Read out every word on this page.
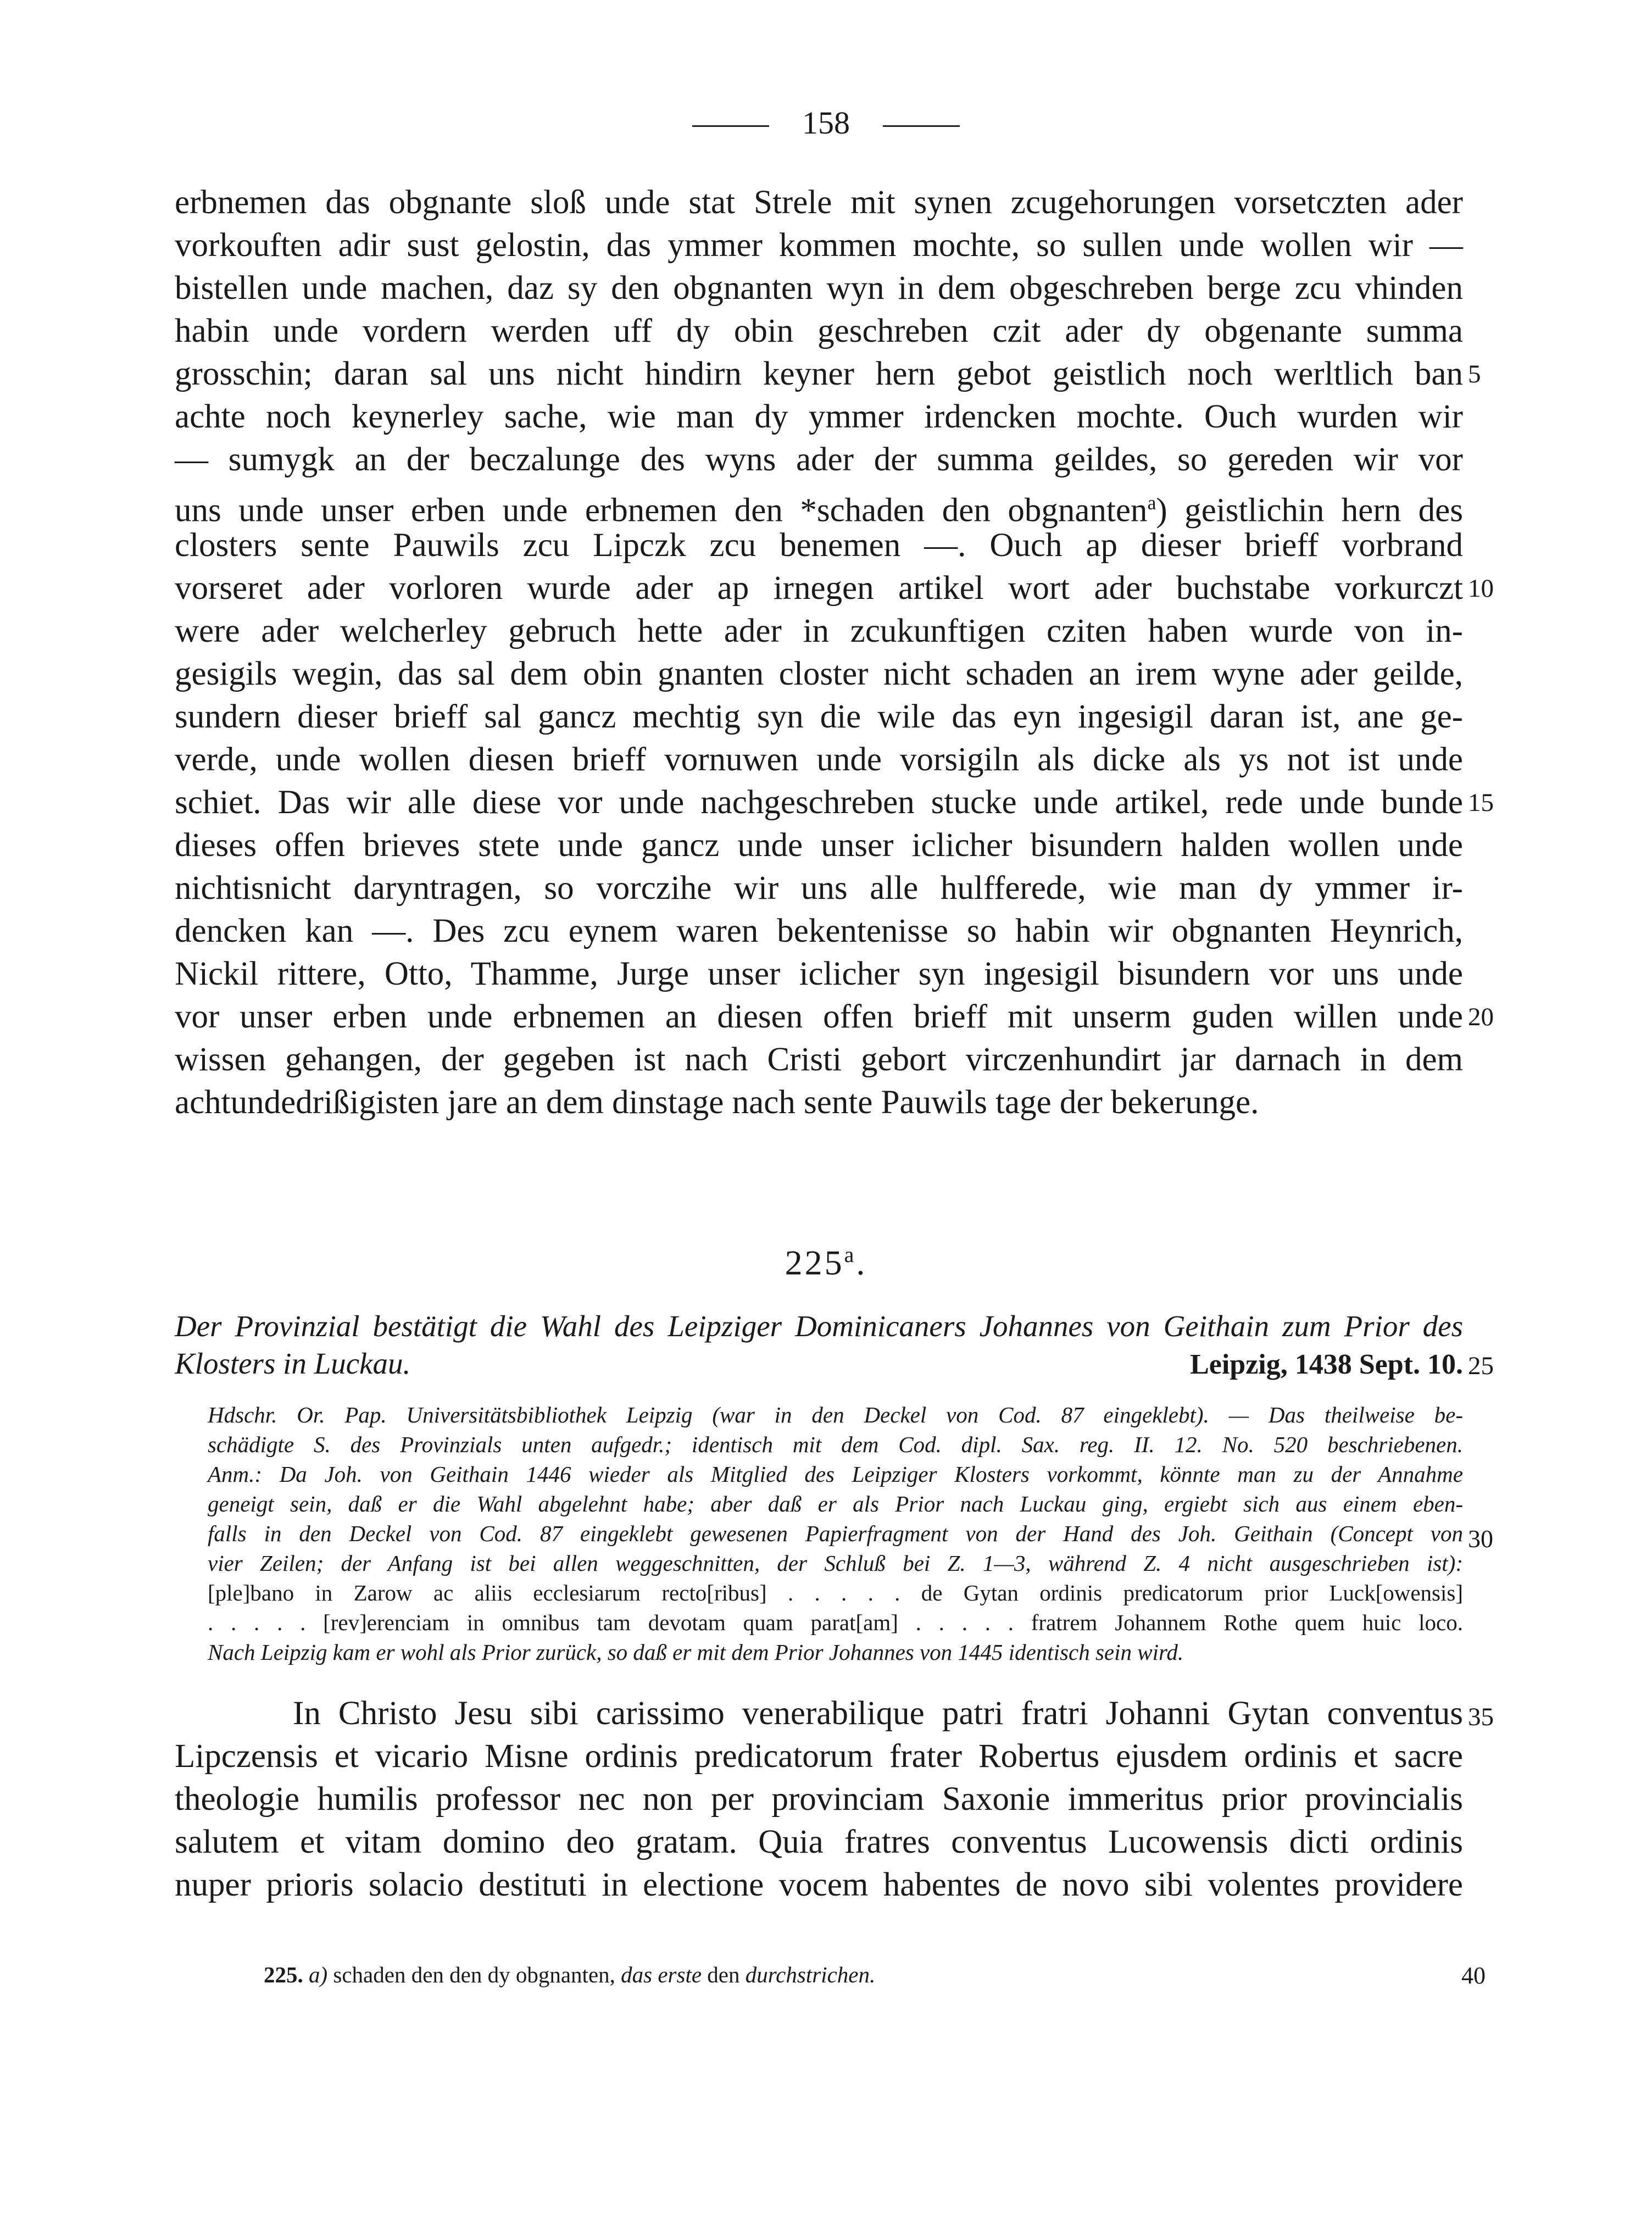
158
erbnemen das obgnante sloß unde stat Strele mit synen zcugehorungen vorsetczten ader
vorkouften adir sust gelostin, das ymmer kommen mochte, so sullen unde wollen wir —
bistellen unde machen, daz sy den obgnanten wyn in dem obgeschreben berge zcu vhinden
habin unde vordern werden uff dy obin geschreben czit ader dy obgenante summa
grosschin; daran sal uns nicht hindirn keyner hern gebot geistlich noch werltlich ban
achte noch keynerley sache, wie man dy ymmer irdencken mochte. Ouch wurden wir
— sumygk an der beczalunge des wyns ader der summa geildes, so gereden wir vor
uns unde unser erben unde erbnemen den *schaden den obgnanten$^a$) geistlichin hern des
closters sente Pauwils zcu Lipczk zcu benemen —. Ouch ap dieser brieff vorbrand
vorseret ader vorloren wurde ader ap irnegen artikel wort ader buchstabe vorkurczt
were ader welcherley gebruch hette ader in zcukunftigen cziten haben wurde von in-
gesigils wegin, das sal dem obin gnanten closter nicht schaden an irem wyne ader geilde,
sundern dieser brieff sal gancz mechtig syn die wile das eyn ingesigil daran ist, ane ge-
verde, unde wollen diesen brieff vornuwen unde vorsigiln als dicke als ys not ist unde
schiet. Das wir alle diese vor unde nachgeschreben stucke unde artikel, rede unde bunde
dieses offen brieves stete unde gancz unde unser iclicher bisundern halden wollen unde
nichtisnicht daryntragen, so vorczihe wir uns alle hulfferede, wie man dy ymmer ir-
dencken kan —. Des zcu eynem waren bekentenisse so habin wir obgnanten Heynrich,
Nickil rittere, Otto, Thamme, Jurge unser iclicher syn ingesigil bisundern vor uns unde
vor unser erben unde erbnemen an diesen offen brieff mit unserm guden willen unde
wissen gehangen, der gegeben ist nach Cristi gebort virczenhundirt jar darnach in dem
achtundedrißigisten jare an dem dinstage nach sente Pauwils tage der bekerunge.
5
10
15
20
225$^a$.
Der Provinzial bestätigt die Wahl des Leipziger Dominicaners Johannes von Geithain zum Prior des
Klosters in Luckau.	Leipzig, 1438 Sept. 10. 25
Hdschr. Or. Pap. Universitätsbibliothek Leipzig (war in den Deckel von Cod. 87 eingeklebt). — Das theilweise be-
schädigte S. des Provinzials unten aufgedr.; identisch mit dem Cod. dipl. Sax. reg. II. 12. No. 520 beschriebenen.
Anm.: Da Joh. von Geithain 1446 wieder als Mitglied des Leipziger Klosters vorkommt, könnte man zu der Annahme
geneigt sein, daß er die Wahl abgelehnt habe; aber daß er als Prior nach Luckau ging, ergiebt sich aus einem eben-
falls in den Deckel von Cod. 87 eingeklebt gewesenen Papierfragment von der Hand des Joh. Geithain (Concept von
vier Zeilen; der Anfang ist bei allen weggeschnitten, der Schluß bei Z. 1—3, während Z. 4 nicht ausgeschrieben ist):
[ple]bano in Zarow ac aliis ecclesiarum recto[ribus] . . . . . de Gytan ordinis predicatorum prior Luck[owensis]
. . . . . [rev]erenciam in omnibus tam devotam quam parat[am] . . . . . fratrem Johannem Rothe quem huic loco.
Nach Leipzig kam er wohl als Prior zurück, so daß er mit dem Prior Johannes von 1445 identisch sein wird.
30
In Christo Jesu sibi carissimo venerabilique patri fratri Johanni Gytan conventus
Lipczensis et vicario Misne ordinis predicatorum frater Robertus ejusdem ordinis et sacre
theologie humilis professor nec non per provinciam Saxonie immeritus prior provincialis
salutem et vitam domino deo gratam. Quia fratres conventus Lucowensis dicti ordinis
nuper prioris solacio destituti in electione vocem habentes de novo sibi volentes providere
35
225. a) schaden den den dy obgnanten, das erste den durchstrichen.	40
